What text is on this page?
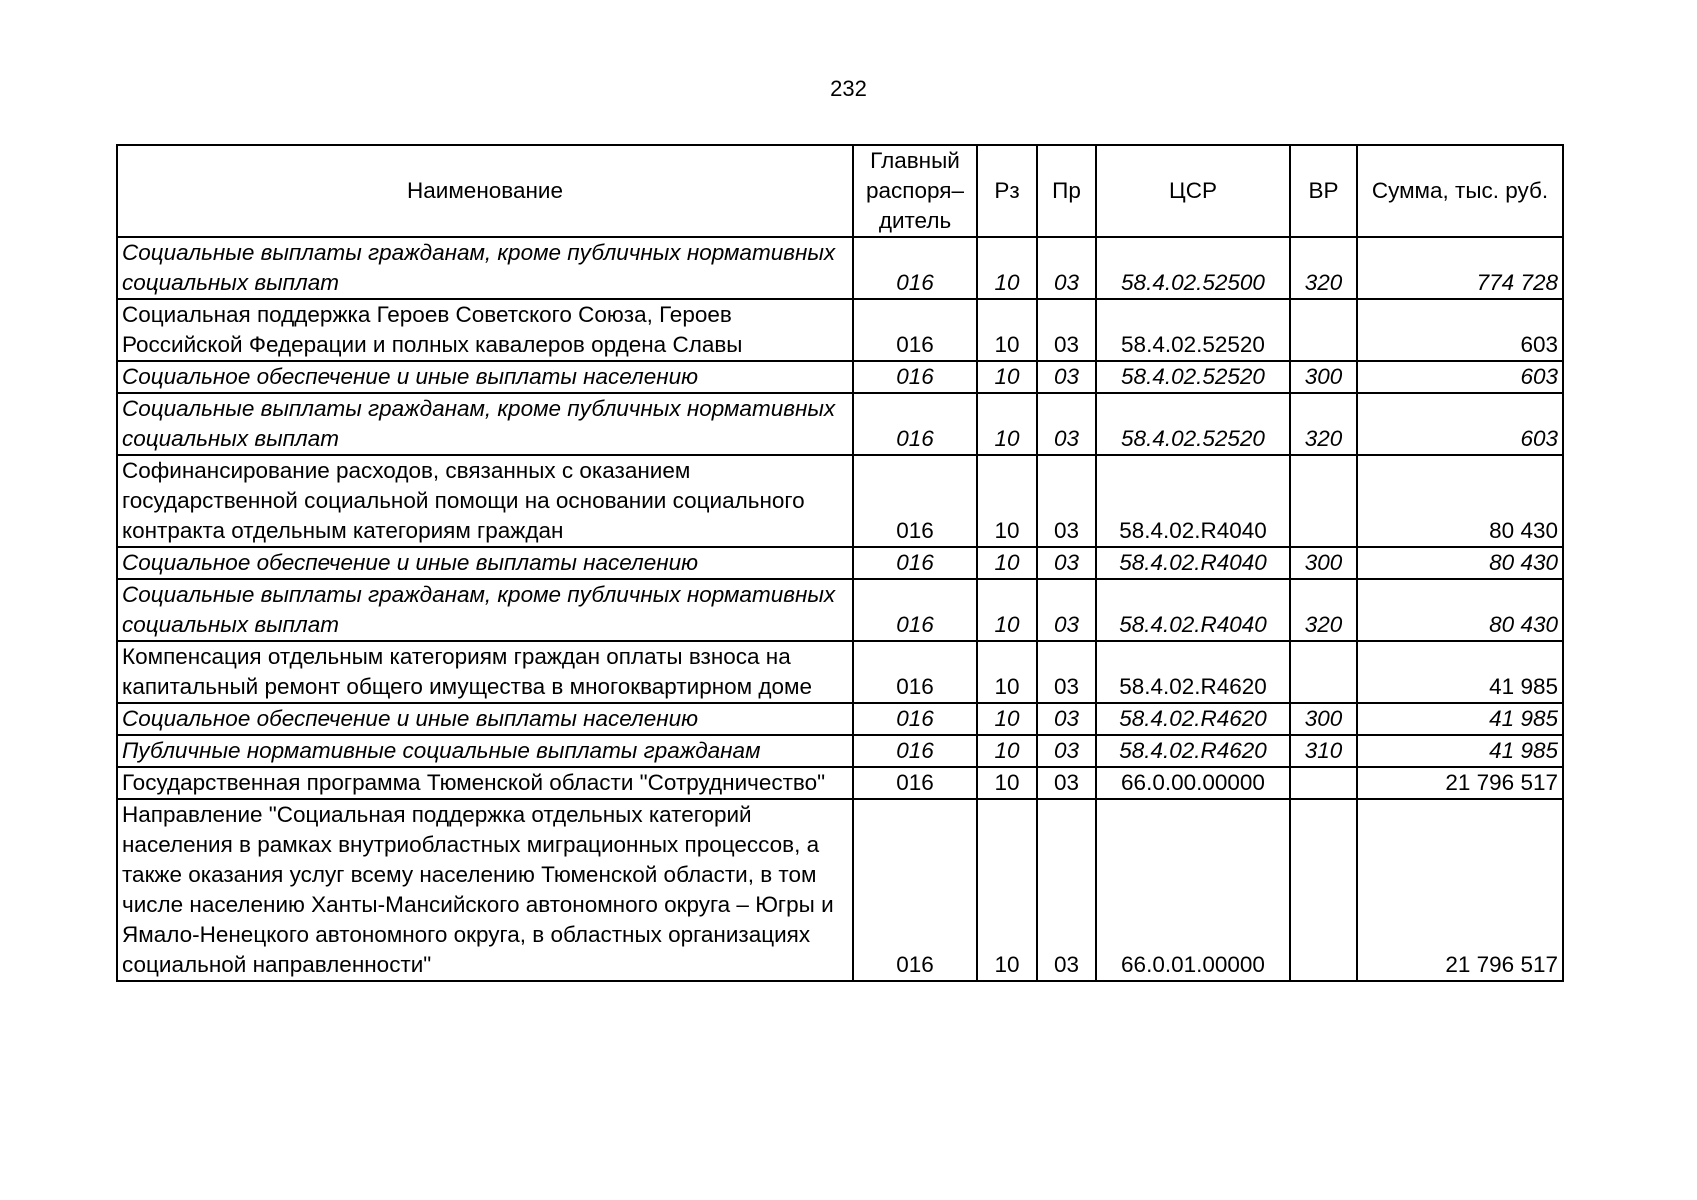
232
Наименование	Главный распоря– дитель	Рз	Пр	ЦСР	ВР	Сумма, тыс. руб.
Социальные выплаты гражданам, кроме публичных нормативных социальных выплат	016	10	03	58.4.02.52500	320	774 728
Социальная поддержка Героев Советского Союза, Героев Российской Федерации и полных кавалеров ордена Славы	016	10	03	58.4.02.52520		603
Социальное обеспечение и иные выплаты населению	016	10	03	58.4.02.52520	300	603
Социальные выплаты гражданам, кроме публичных нормативных социальных выплат	016	10	03	58.4.02.52520	320	603
Софинансирование расходов, связанных с оказанием государственной социальной помощи на основании социального контракта отдельным категориям граждан	016	10	03	58.4.02.R4040		80 430
Социальное обеспечение и иные выплаты населению	016	10	03	58.4.02.R4040	300	80 430
Социальные выплаты гражданам, кроме публичных нормативных социальных выплат	016	10	03	58.4.02.R4040	320	80 430
Компенсация отдельным категориям граждан оплаты взноса на капитальный ремонт общего имущества в многоквартирном доме	016	10	03	58.4.02.R4620		41 985
Социальное обеспечение и иные выплаты населению	016	10	03	58.4.02.R4620	300	41 985
Публичные нормативные социальные выплаты гражданам	016	10	03	58.4.02.R4620	310	41 985
Государственная программа Тюменской области "Сотрудничество"	016	10	03	66.0.00.00000		21 796 517
Направление "Социальная поддержка отдельных категорий населения в рамках внутриобластных миграционных процессов, а также оказания услуг всему населению Тюменской области, в том числе населению Ханты-Мансийского автономного округа – Югры и Ямало-Ненецкого автономного округа, в областных организациях социальной направленности"	016	10	03	66.0.01.00000		21 796 517
